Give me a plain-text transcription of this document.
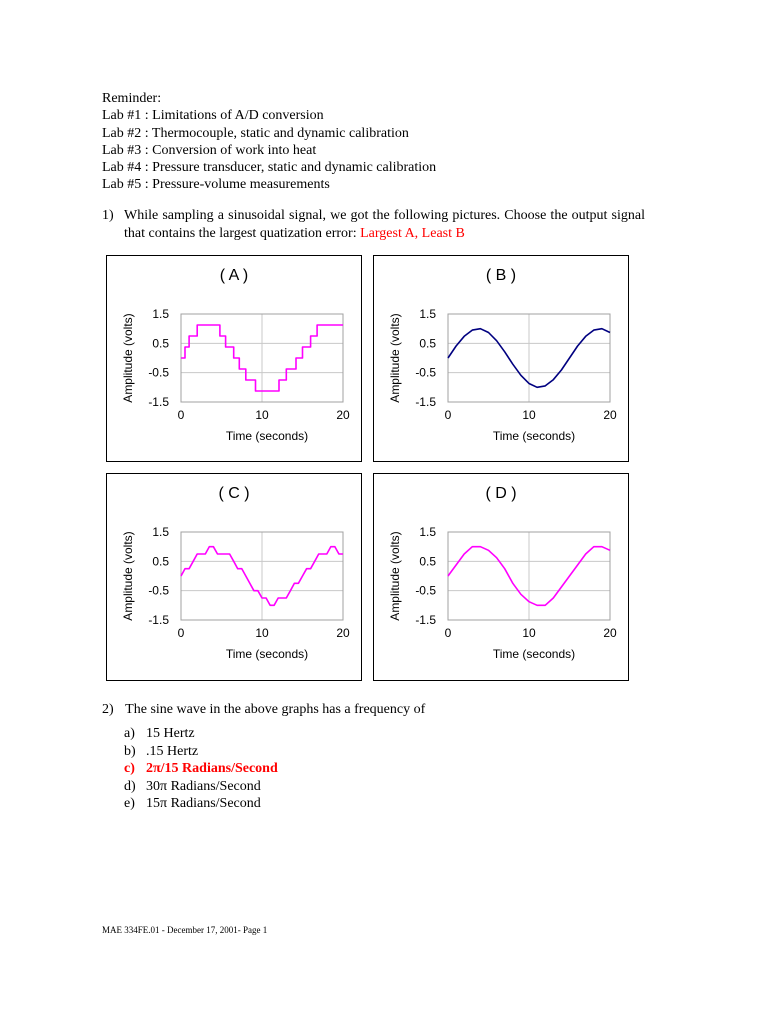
Reminder:
Lab #1 : Limitations of A/D conversion
Lab #2 : Thermocouple, static and dynamic calibration
Lab #3 : Conversion of work into heat
Lab #4 : Pressure transducer, static and dynamic calibration
Lab #5 : Pressure-volume measurements
1) While sampling a sinusoidal signal, we got the following pictures. Choose the output signal that contains the largest quatization error: Largest A, Least B
( A )
0	10	20
1.5
0.5
-0.5
-1.5
Time (seconds)
Amplitude (volts)
( B )
0	10	20
1.5
0.5
-0.5
-1.5
Time (seconds)
Amplitude (volts)
( C )
0	10	20
1.5
0.5
-0.5
-1.5
Time (seconds)
Amplitude (volts)
( D )
0	10	20
1.5
0.5
-0.5
-1.5
Time (seconds)
Amplitude (volts)
2) The sine wave in the above graphs has a frequency of
a) 15 Hertz
b) .15 Hertz
c) 2π/15 Radians/Second
d) 30π Radians/Second
e) 15π Radians/Second
MAE 334FE.01 - December 17, 2001- Page 1
